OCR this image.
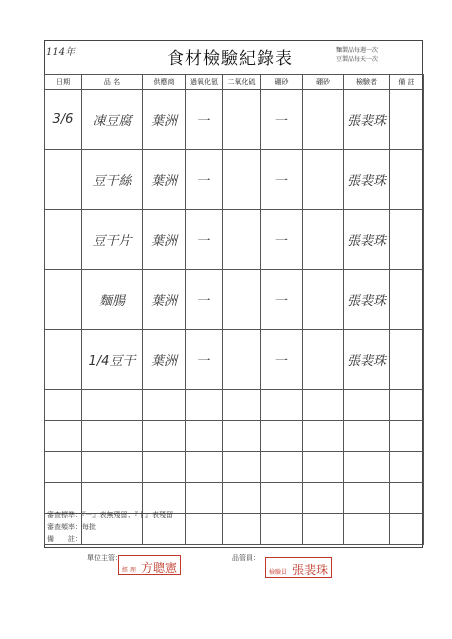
114年	食材檢驗紀錄表	麵製品每週一次
豆製品每天一次
日期	品 名	供應商	過氧化氫	二氧化硫	硼砂	硼砂	檢驗者	備 註
3/6	凍豆腐	葉洲	一		一		張裴珠	
	豆干絲	葉洲	一		一		張裴珠	
	豆干片	葉洲	一		一		張裴珠	
	麵腸	葉洲	一		一		張裴珠	
	1/4豆干	葉洲	一		一		張裴珠	

審查標準：『一』表無殘留；『十』表殘留
審查頻率：每批
備　　註：
單位主管：
經 理 方聰憲
品管員：
檢驗員 張裴珠
